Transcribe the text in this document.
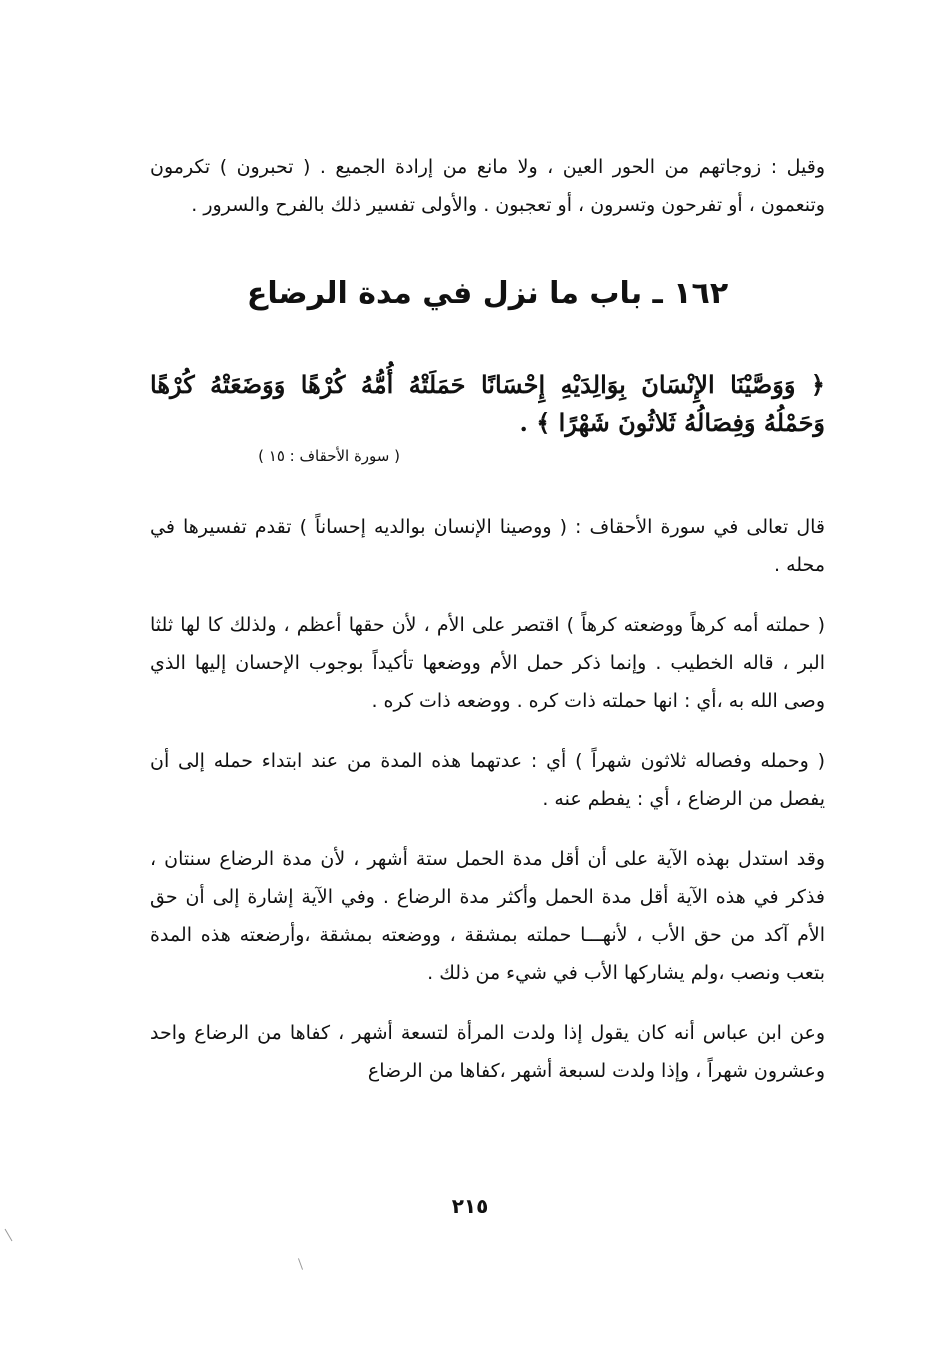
وقيل : زوجاتهم من الحور العين ، ولا مانع من إرادة الجميع . ( تحبرون ) تكرمون وتنعمون ، أو تفرحون وتسرون ، أو تعجبون . والأولى تفسير ذلك بالفرح والسرور .

١٦٢ ـ باب ما نزل في مدة الرضاع

﴿ وَوَصَّيْنَا الإِنْسَانَ بِوَالِدَيْهِ إِحْسَانًا حَمَلَتْهُ أُمُّهُ كُرْهًا وَوَضَعَتْهُ كُرْهًا وَحَمْلُهُ وَفِصَالُهُ ثَلاثُونَ شَهْرًا ﴾ .

( سورة الأحقاف : ١٥ )

قال تعالى في سورة الأحقاف : ( ووصينا الإنسان بوالديه إحساناً ) تقدم تفسيرها في محله .

( حملته أمه كرهاً ووضعته كرهاً ) اقتصر على الأم ، لأن حقها أعظم ، ولذلك كا لها ثلثا البر ، قاله الخطيب . وإنما ذكر حمل الأم ووضعها تأكيداً بوجوب الإحسان إليها الذي وصى الله به ،أي : انها حملته ذات كره . ووضعه ذات كره .

( وحمله وفصاله ثلاثون شهراً ) أي : عدتهما هذه المدة من عند ابتداء حمله إلى أن يفصل من الرضاع ، أي : يفطم عنه .

وقد استدل بهذه الآية على أن أقل مدة الحمل ستة أشهر ، لأن مدة الرضاع سنتان ، فذكر في هذه الآية أقل مدة الحمل وأكثر مدة الرضاع . وفي الآية إشارة إلى أن حق الأم آكد من حق الأب ، لأنهـــا حملته بمشقة ، ووضعته بمشقة ،وأرضعته هذه المدة بتعب ونصب ،ولم يشاركها الأب في شيء من ذلك .

وعن ابن عباس أنه كان يقول إذا ولدت المرأة لتسعة أشهر ، كفاها من الرضاع واحد وعشرون شهراً ، وإذا ولدت لسبعة أشهر ،كفاها من الرضاع

٢١٥
